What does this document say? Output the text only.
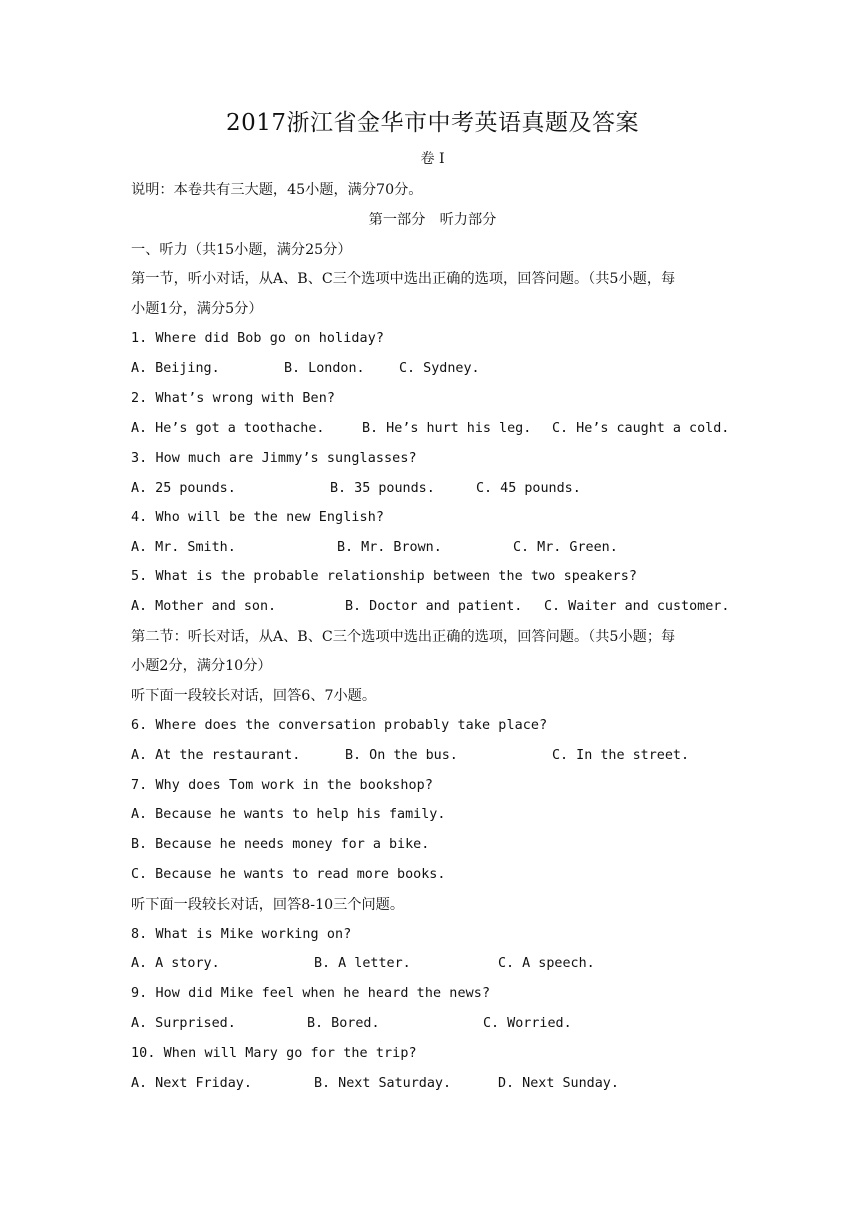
2017浙江省金华市中考英语真题及答案
卷 I
说明：本卷共有三大题，45小题，满分70分。
第一部分　听力部分
一、听力（共15小题，满分25分）
第一节，听小对话，从A、B、C三个选项中选出正确的选项，回答问题。（共5小题，每
小题1分，满分5分）
1. Where did Bob go on holiday?
A. Beijing.	B. London.	C. Sydney.
2. What’s wrong with Ben?
A. He’s got a toothache.	B. He’s hurt his leg. C. He’s caught a cold.
3. How much are Jimmy’s sunglasses?
A. 25 pounds.	B. 35 pounds.	C. 45 pounds.
4. Who will be the new English?
A. Mr. Smith.	B. Mr. Brown.	C. Mr. Green.
5. What is the probable relationship between the two speakers?
A. Mother and son.	B. Doctor and patient. C. Waiter and customer.
第二节：听长对话，从A、B、C三个选项中选出正确的选项，回答问题。（共5小题；每
小题2分，满分10分）
听下面一段较长对话，回答6、7小题。
6. Where does the conversation probably take place?
A. At the restaurant.	B. On the bus.	C. In the street.
7. Why does Tom work in the bookshop?
A. Because he wants to help his family.
B. Because he needs money for a bike.
C. Because he wants to read more books.
听下面一段较长对话，回答8-10三个问题。
8. What is Mike working on?
A. A story.	B. A letter.	C. A speech.
9. How did Mike feel when he heard the news?
A. Surprised.	B. Bored.	C. Worried.
10. When will Mary go for the trip?
A. Next Friday.	B. Next Saturday.	D. Next Sunday.
